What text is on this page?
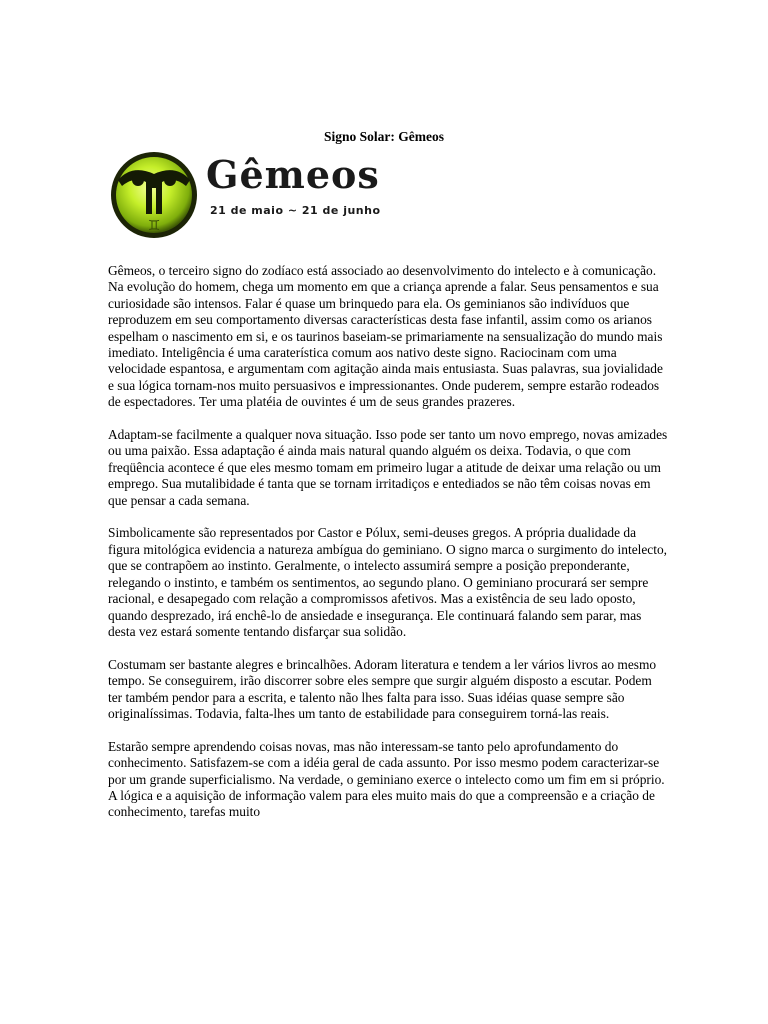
Signo Solar: Gêmeos
♊
Gêmeos
21 de maio ~ 21 de junho

Gêmeos, o terceiro signo do zodíaco está associado ao desenvolvimento do intelecto e à comunicação. Na evolução do homem, chega um momento em que a criança aprende a falar. Seus pensamentos e sua curiosidade são intensos. Falar é quase um brinquedo para ela. Os geminianos são indivíduos que reproduzem em seu comportamento diversas características desta fase infantil, assim como os arianos espelham o nascimento em si, e os taurinos baseiam-se primariamente na sensualização do mundo mais imediato. Inteligência é uma caraterística comum aos nativo deste signo. Raciocinam com uma velocidade espantosa, e argumentam com agitação ainda mais entusiasta. Suas palavras, sua jovialidade e sua lógica tornam-nos muito persuasivos e impressionantes. Onde puderem, sempre estarão rodeados de espectadores. Ter uma platéia de ouvintes é um de seus grandes prazeres.

Adaptam-se facilmente a qualquer nova situação. Isso pode ser tanto um novo emprego, novas amizades ou uma paixão. Essa adaptação é ainda mais natural quando alguém os deixa. Todavia, o que com freqüência acontece é que eles mesmo tomam em primeiro lugar a atitude de deixar uma relação ou um emprego. Sua mutalibidade é tanta que se tornam irritadiços e entediados se não têm coisas novas em que pensar a cada semana.

Simbolicamente são representados por Castor e Pólux, semi-deuses gregos. A própria dualidade da figura mitológica evidencia a natureza ambígua do geminiano. O signo marca o surgimento do intelecto, que se contrapõem ao instinto. Geralmente, o intelecto assumirá sempre a posição preponderante, relegando o instinto, e também os sentimentos, ao segundo plano. O geminiano procurará ser sempre racional, e desapegado com relação a compromissos afetivos. Mas a existência de seu lado oposto, quando desprezado, irá enchê-lo de ansiedade e insegurança. Ele continuará falando sem parar, mas desta vez estará somente tentando disfarçar sua solidão.

Costumam ser bastante alegres e brincalhões. Adoram literatura e tendem a ler vários livros ao mesmo tempo. Se conseguirem, irão discorrer sobre eles sempre que surgir alguém disposto a escutar. Podem ter também pendor para a escrita, e talento não lhes falta para isso. Suas idéias quase sempre são originalíssimas. Todavia, falta-lhes um tanto de estabilidade para conseguirem torná-las reais.

Estarão sempre aprendendo coisas novas, mas não interessam-se tanto pelo aprofundamento do conhecimento. Satisfazem-se com a idéia geral de cada assunto. Por isso mesmo podem caracterizar-se por um grande superficialismo. Na verdade, o geminiano exerce o intelecto como um fim em si próprio. A lógica e a aquisição de informação valem para eles muito mais do que a compreensão e a criação de conhecimento, tarefas muito
